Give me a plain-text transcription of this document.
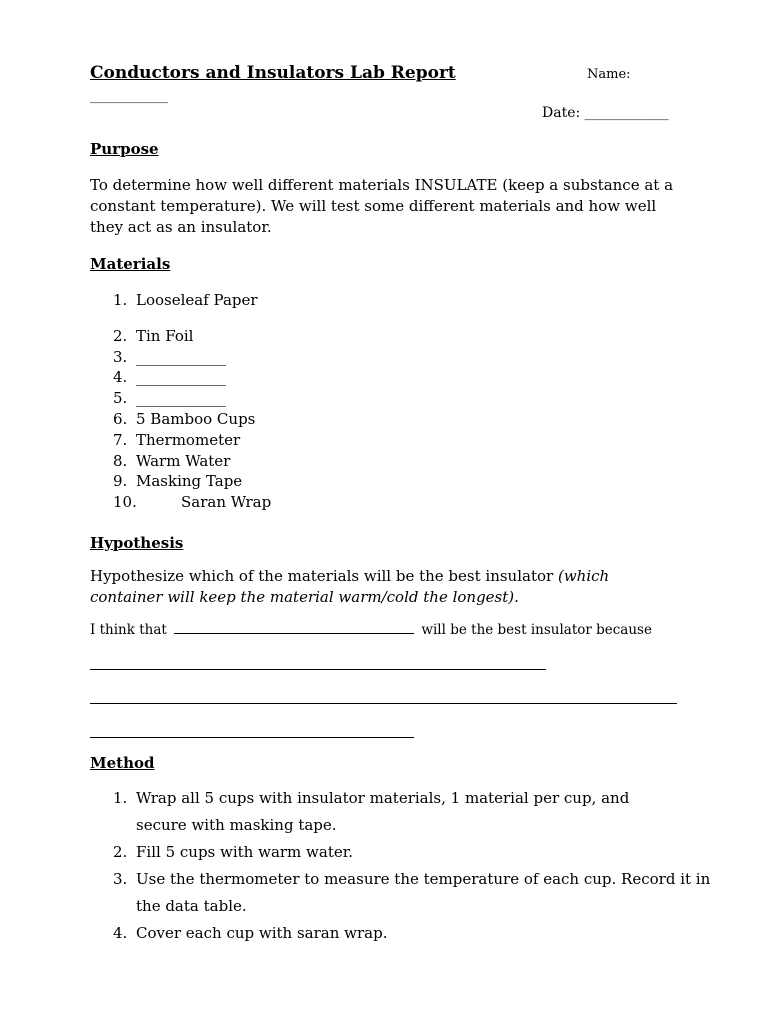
Conductors and Insulators Lab Report	Name:
____________
Date: ____________
Purpose
To determine how well different materials INSULATE (keep a substance at a constant temperature). We will test some different materials and how well they act as an insulator.
Materials
1. Looseleaf Paper
2. Tin Foil
3. ____________
4. ____________
5. ____________
6. 5 Bamboo Cups
7. Thermometer
8. Warm Water
9. Masking Tape
10.	Saran Wrap
Hypothesis
Hypothesize which of the materials will be the best insulator (which container will keep the material warm/cold the longest).
I think that	will be the best insulator because
Method
1. Wrap all 5 cups with insulator materials, 1 material per cup, and secure with masking tape.
2. Fill 5 cups with warm water.
3. Use the thermometer to measure the temperature of each cup. Record it in the data table.
4. Cover each cup with saran wrap.
